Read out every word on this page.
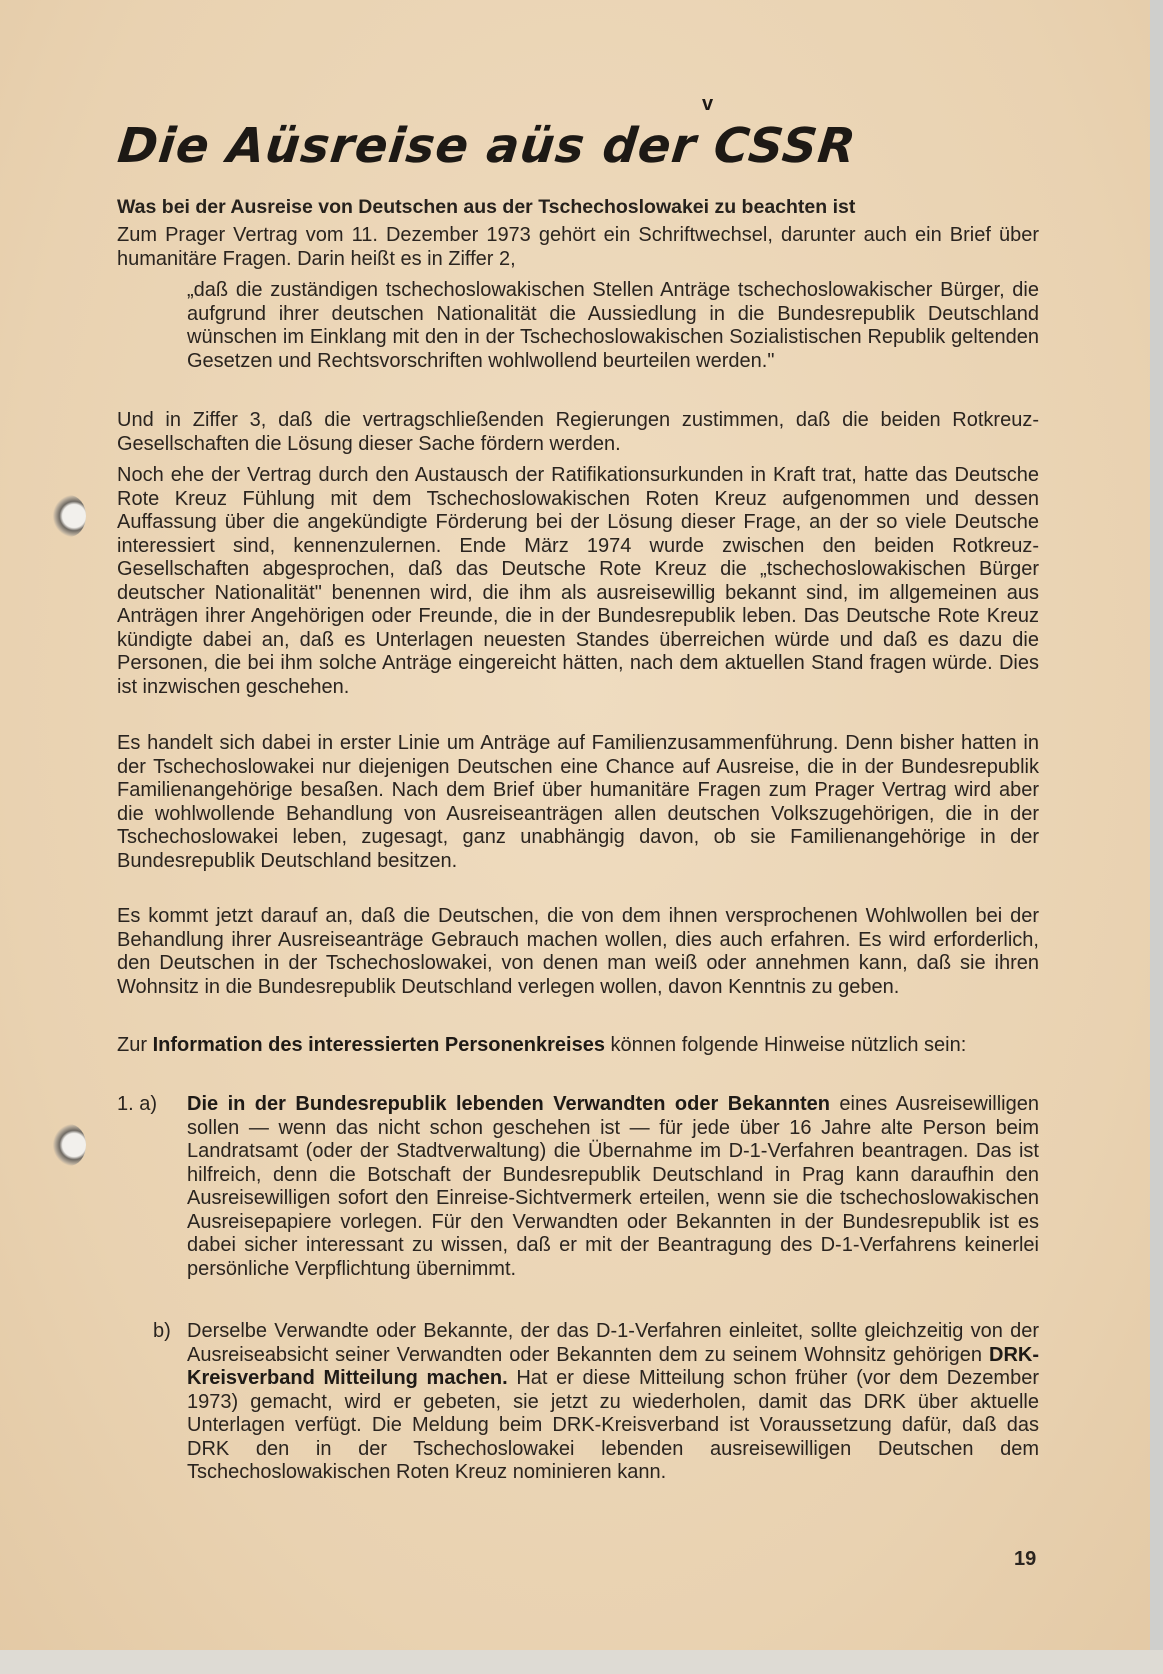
v
Die Aüsreise aüs der CSSR
Was bei der Ausreise von Deutschen aus der Tschechoslowakei zu beachten ist
Zum Prager Vertrag vom 11. Dezember 1973 gehört ein Schriftwechsel, darunter auch ein Brief über humanitäre Fragen. Darin heißt es in Ziffer 2,
„daß die zuständigen tschechoslowakischen Stellen Anträge tschechoslowakischer Bürger, die aufgrund ihrer deutschen Nationalität die Aussiedlung in die Bundesrepublik Deutschland wünschen im Einklang mit den in der Tschechoslowakischen Sozialistischen Republik geltenden Gesetzen und Rechtsvorschriften wohlwollend beurteilen werden."
Und in Ziffer 3, daß die vertragschließenden Regierungen zustimmen, daß die beiden Rotkreuz-Gesellschaften die Lösung dieser Sache fördern werden.
Noch ehe der Vertrag durch den Austausch der Ratifikationsurkunden in Kraft trat, hatte das Deutsche Rote Kreuz Fühlung mit dem Tschechoslowakischen Roten Kreuz aufgenommen und dessen Auffassung über die angekündigte Förderung bei der Lösung dieser Frage, an der so viele Deutsche interessiert sind, kennenzulernen. Ende März 1974 wurde zwischen den beiden Rotkreuz-Gesellschaften abgesprochen, daß das Deutsche Rote Kreuz die „tschechoslowakischen Bürger deutscher Nationalität" benennen wird, die ihm als ausreisewillig bekannt sind, im allgemeinen aus Anträgen ihrer Angehörigen oder Freunde, die in der Bundesrepublik leben. Das Deutsche Rote Kreuz kündigte dabei an, daß es Unterlagen neuesten Standes überreichen würde und daß es dazu die Personen, die bei ihm solche Anträge eingereicht hätten, nach dem aktuellen Stand fragen würde. Dies ist inzwischen geschehen.
Es handelt sich dabei in erster Linie um Anträge auf Familienzusammenführung. Denn bisher hatten in der Tschechoslowakei nur diejenigen Deutschen eine Chance auf Ausreise, die in der Bundesrepublik Familienangehörige besaßen. Nach dem Brief über humanitäre Fragen zum Prager Vertrag wird aber die wohlwollende Behandlung von Ausreiseanträgen allen deutschen Volkszugehörigen, die in der Tschechoslowakei leben, zugesagt, ganz unabhängig davon, ob sie Familienangehörige in der Bundesrepublik Deutschland besitzen.
Es kommt jetzt darauf an, daß die Deutschen, die von dem ihnen versprochenen Wohlwollen bei der Behandlung ihrer Ausreiseanträge Gebrauch machen wollen, dies auch erfahren. Es wird erforderlich, den Deutschen in der Tschechoslowakei, von denen man weiß oder annehmen kann, daß sie ihren Wohnsitz in die Bundesrepublik Deutschland verlegen wollen, davon Kenntnis zu geben.
Zur Information des interessierten Personenkreises können folgende Hinweise nützlich sein:
1. a) Die in der Bundesrepublik lebenden Verwandten oder Bekannten eines Ausreisewilligen sollen — wenn das nicht schon geschehen ist — für jede über 16 Jahre alte Person beim Landratsamt (oder der Stadtverwaltung) die Übernahme im D-1-Verfahren beantragen. Das ist hilfreich, denn die Botschaft der Bundesrepublik Deutschland in Prag kann daraufhin den Ausreisewilligen sofort den Einreise-Sichtvermerk erteilen, wenn sie die tschechoslowakischen Ausreisepapiere vorlegen. Für den Verwandten oder Bekannten in der Bundesrepublik ist es dabei sicher interessant zu wissen, daß er mit der Beantragung des D-1-Verfahrens keinerlei persönliche Verpflichtung übernimmt.
b) Derselbe Verwandte oder Bekannte, der das D-1-Verfahren einleitet, sollte gleichzeitig von der Ausreiseabsicht seiner Verwandten oder Bekannten dem zu seinem Wohnsitz gehörigen DRK-Kreisverband Mitteilung machen. Hat er diese Mitteilung schon früher (vor dem Dezember 1973) gemacht, wird er gebeten, sie jetzt zu wiederholen, damit das DRK über aktuelle Unterlagen verfügt. Die Meldung beim DRK-Kreisverband ist Voraussetzung dafür, daß das DRK den in der Tschechoslowakei lebenden ausreisewilligen Deutschen dem Tschechoslowakischen Roten Kreuz nominieren kann.
19
